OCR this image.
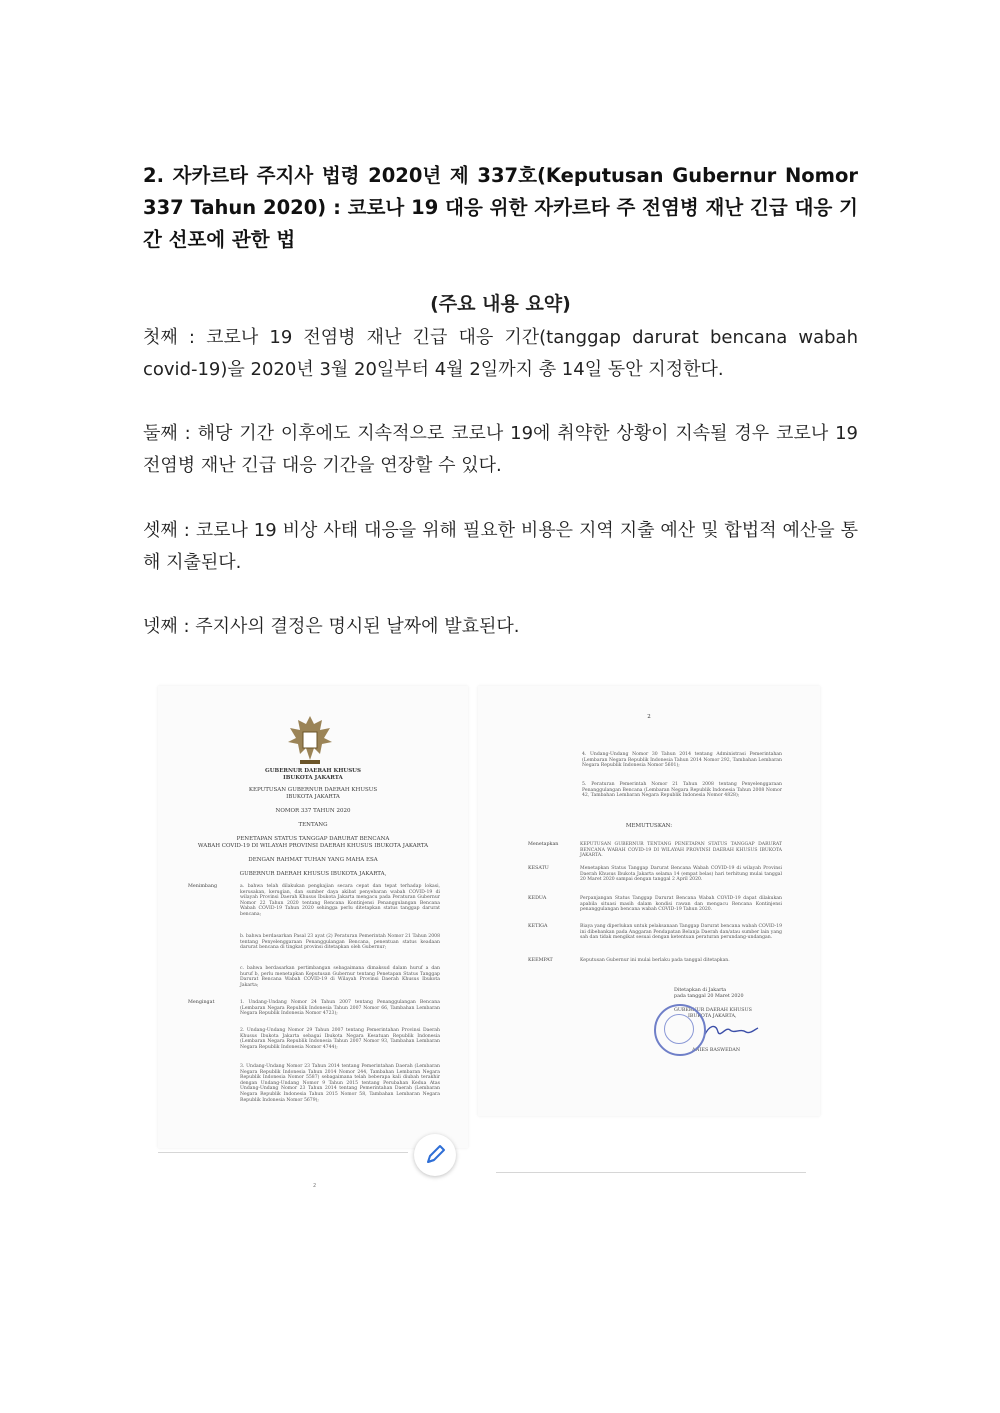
2. 자카르타 주지사 법령 2020년 제 337호(Keputusan Gubernur Nomor 337 Tahun 2020) : 코로나 19 대응 위한 자카르타 주 전염병 재난 긴급 대응 기간 선포에 관한 법
(주요 내용 요약)
첫째 : 코로나 19 전염병 재난 긴급 대응 기간(tanggap darurat bencana wabah covid-19)을 2020년 3월 20일부터 4월 2일까지 총 14일 동안 지정한다.
둘째 : 해당 기간 이후에도 지속적으로 코로나 19에 취약한 상황이 지속될 경우 코로나 19 전염병 재난 긴급 대응 기간을 연장할 수 있다.
셋째 : 코로나 19 비상 사태 대응을 위해 필요한 비용은 지역 지출 예산 및 합법적 예산을 통해 지출된다.
넷째 : 주지사의 결정은 명시된 날짜에 발효된다.
GUBERNUR DAERAH KHUSUS
IBUKOTA JAKARTA
KEPUTUSAN GUBERNUR DAERAH KHUSUS
IBUKOTA JAKARTA
NOMOR 337 TAHUN 2020
TENTANG
PENETAPAN STATUS TANGGAP DARURAT BENCANA
WABAH COVID-19 DI WILAYAH PROVINSI DAERAH KHUSUS IBUKOTA JAKARTA
DENGAN RAHMAT TUHAN YANG MAHA ESA
GUBERNUR DAERAH KHUSUS IBUKOTA JAKARTA,
Menimbang	a. bahwa telah dilakukan pengkajian secara cepat dan tepat terhadap lokasi, kerusakan, kerugian, dan sumber daya akibat penyebaran wabah COVID-19 di wilayah Provinsi Daerah Khusus Ibukota Jakarta mengacu pada Peraturan Gubernur Nomor 22 Tahun 2020 tentang Rencana Kontinjensi Penanggulangan Bencana Wabah COVID-19 Tahun 2020 sehingga perlu ditetapkan status tanggap darurat bencana;
b. bahwa berdasarkan Pasal 23 ayat (2) Peraturan Pemerintah Nomor 21 Tahun 2008 tentang Penyelenggaraan Penanggulangan Bencana, penentuan status keadaan darurat bencana di tingkat provinsi ditetapkan oleh Gubernur;
c. bahwa berdasarkan pertimbangan sebagaimana dimaksud dalam huruf a dan huruf b, perlu menetapkan Keputusan Gubernur tentang Penetapan Status Tanggap Darurat Bencana Wabah COVID-19 di Wilayah Provinsi Daerah Khusus Ibukota Jakarta;
Mengingat	1. Undang-Undang Nomor 24 Tahun 2007 tentang Penanggulangan Bencana (Lembaran Negara Republik Indonesia Tahun 2007 Nomor 66, Tambahan Lembaran Negara Republik Indonesia Nomor 4723);
2. Undang-Undang Nomor 29 Tahun 2007 tentang Pemerintahan Provinsi Daerah Khusus Ibukota Jakarta sebagai Ibukota Negara Kesatuan Republik Indonesia (Lembaran Negara Republik Indonesia Tahun 2007 Nomor 93, Tambahan Lembaran Negara Republik Indonesia Nomor 4744);
3. Undang-Undang Nomor 23 Tahun 2014 tentang Pemerintahan Daerah (Lembaran Negara Republik Indonesia Tahun 2014 Nomor 244, Tambahan Lembaran Negara Republik Indonesia Nomor 5587) sebagaimana telah beberapa kali diubah terakhir dengan Undang-Undang Nomor 9 Tahun 2015 tentang Perubahan Kedua Atas Undang-Undang Nomor 23 Tahun 2014 tentang Pemerintahan Daerah (Lembaran Negara Republik Indonesia Tahun 2015 Nomor 58, Tambahan Lembaran Negara Republik Indonesia Nomor 5679);
2
4. Undang-Undang Nomor 30 Tahun 2014 tentang Administrasi Pemerintahan (Lembaran Negara Republik Indonesia Tahun 2014 Nomor 292, Tambahan Lembaran Negara Republik Indonesia Nomor 5601);
5. Peraturan Pemerintah Nomor 21 Tahun 2008 tentang Penyelenggaraan Penanggulangan Bencana (Lembaran Negara Republik Indonesia Tahun 2008 Nomor 42, Tambahan Lembaran Negara Republik Indonesia Nomor 4828);
MEMUTUSKAN:
Menetapkan	KEPUTUSAN GUBERNUR TENTANG PENETAPAN STATUS TANGGAP DARURAT BENCANA WABAH COVID-19 DI WILAYAH PROVINSI DAERAH KHUSUS IBUKOTA JAKARTA.
KESATU	Menetapkan Status Tanggap Darurat Bencana Wabah COVID-19 di wilayah Provinsi Daerah Khusus Ibukota Jakarta selama 14 (empat belas) hari terhitung mulai tanggal 20 Maret 2020 sampai dengan tanggal 2 April 2020.
KEDUA	Perpanjangan Status Tanggap Darurat Bencana Wabah COVID-19 dapat dilakukan apabila situasi masih dalam kondisi rawan dan mengacu Rencana Kontinjensi penanggulangan bencana wabah COVID-19 Tahun 2020.
KETIGA	Biaya yang diperlukan untuk pelaksanaan Tanggap Darurat bencana wabah COVID-19 ini dibebankan pada Anggaran Pendapatan Belanja Daerah dan/atau sumber lain yang sah dan tidak mengikat sesuai dengan ketentuan peraturan perundang-undangan.
KEEMPAT	Keputusan Gubernur ini mulai berlaku pada tanggal ditetapkan.
Ditetapkan di Jakarta
pada tanggal 20 Maret 2020
GUBERNUR DAERAH KHUSUS
IBUKOTA JAKARTA,
ANIES BASWEDAN
2
